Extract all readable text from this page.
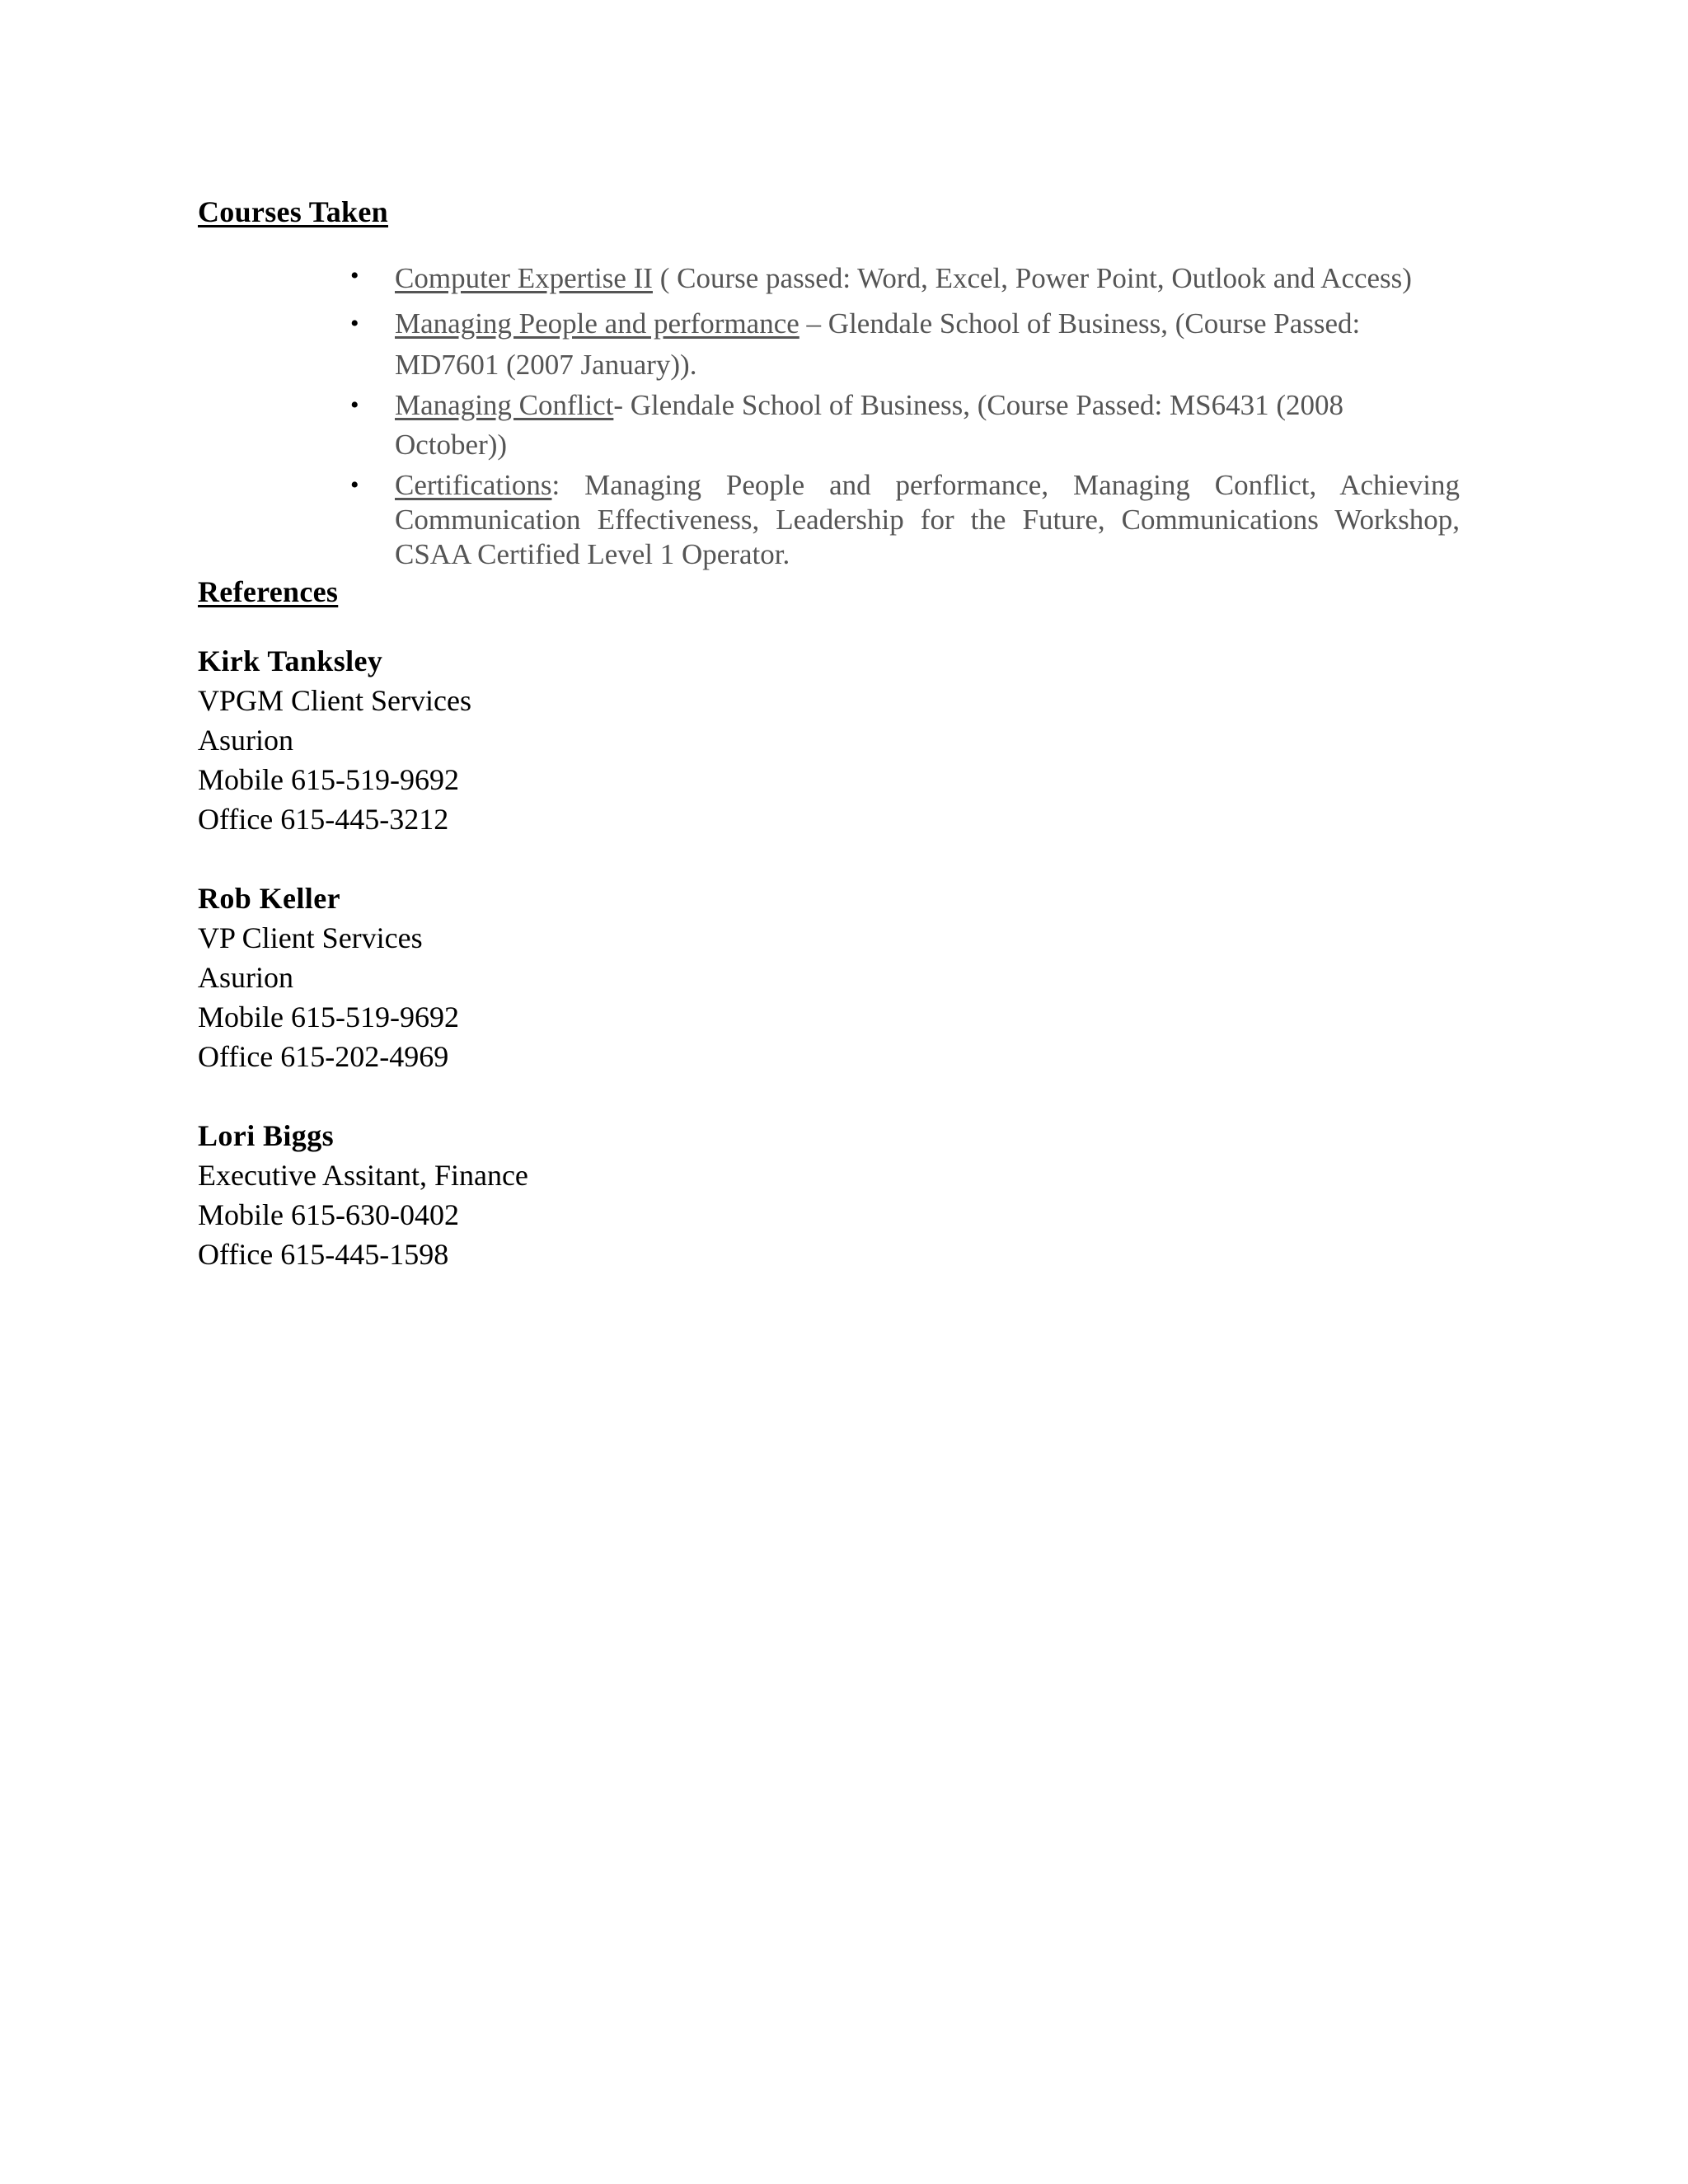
Courses Taken
• Computer Expertise II ( Course passed: Word, Excel, Power Point, Outlook and Access)
• Managing People and performance – Glendale School of Business, (Course Passed: MD7601 (2007 January)).
• Managing Conflict- Glendale School of Business, (Course Passed: MS6431 (2008 October))
• Certifications: Managing People and performance, Managing Conflict, Achieving Communication Effectiveness, Leadership for the Future, Communications Workshop, CSAA Certified Level 1 Operator.
References
Kirk Tanksley
VPGM Client Services
Asurion
Mobile 615-519-9692
Office 615-445-3212
Rob Keller
VP Client Services
Asurion
Mobile 615-519-9692
Office 615-202-4969
Lori Biggs
Executive Assitant, Finance
Mobile 615-630-0402
Office 615-445-1598
